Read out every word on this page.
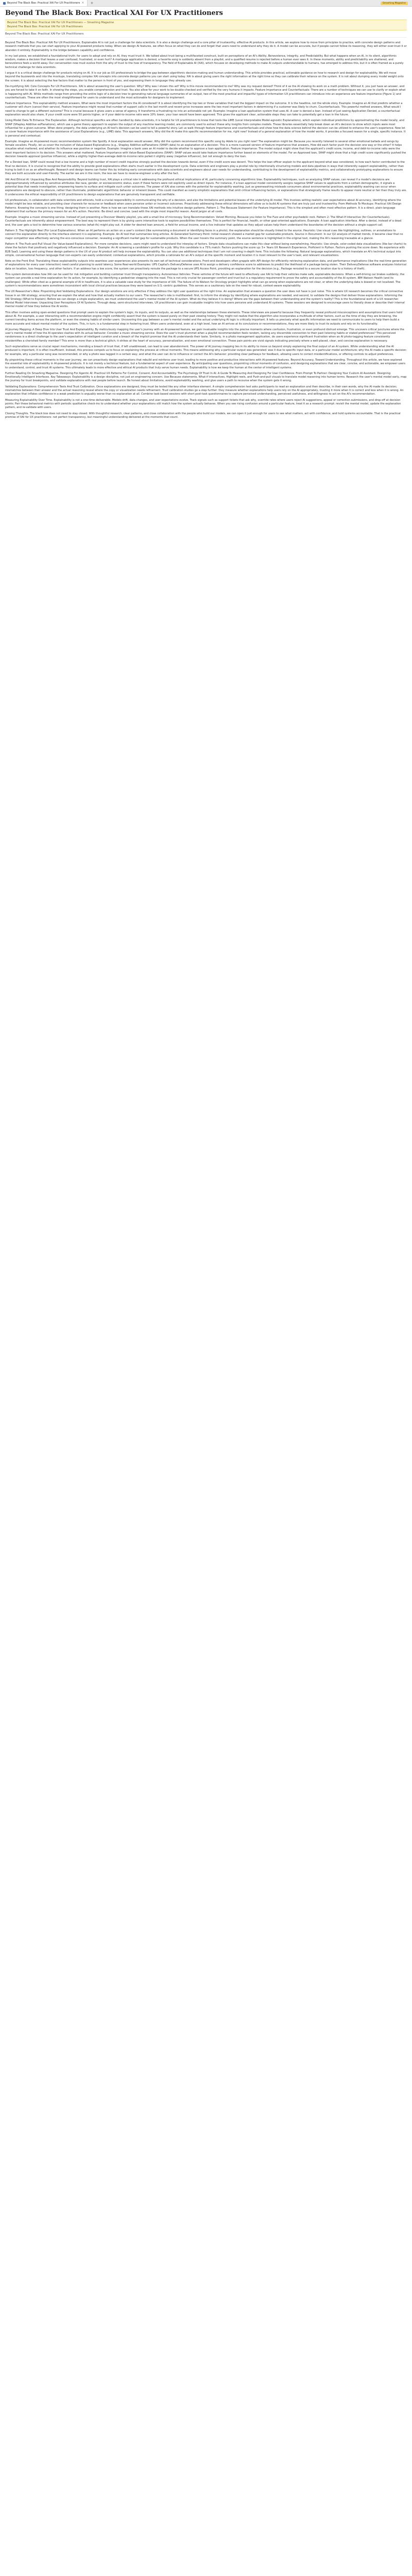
Beyond The Black Box: Practical XAI For UX Practitioners ×	+	Smashing Magazine
Beyond The Black Box: Practical XAI For UX Practitioners
Beyond The Black Box: Practical XAI For UX Practitioners — Smashing Magazine
Beyond The Black Box: Practical XAI For UX Practitioners
Beyond The Black Box: Practical XAI For UX Practitioners

Beyond The Black Box: Practical XAI For UX Practitioners. Explainable AI is not just a challenge for data scientists. It is also a design challenge and a core pillar of trustworthy, effective AI products. In this article, we explore how to move from principles to practice, with concrete design patterns and research methods that you can start applying to your AI-powered products today. When we design AI features, we often focus on what they can do and forget that users need to understand why they do it. A model can be accurate, but if people cannot follow its reasoning, they will either over-trust it or abandon it entirely. Explainability is the bridge between capability and confidence.

In my last piece, we established a foundational truth: for users to adopt and rely on AI, they must trust it. We talked about trust being a multifaceted construct, built on perceptions of an AI's Ability, Benevolence, Integrity, and Predictability. But what happens when an AI, in its silent, algorithmic wisdom, makes a decision that leaves a user confused, frustrated, or even hurt? A mortgage application is denied, a favorite song is suddenly absent from a playlist, and a qualified resume is rejected before a human ever sees it. In these moments, ability and predictability are shattered, and benevolence feels a world away. Our conversation now must evolve from the why of trust to the how of transparency. The field of Explainable AI (XAI), which focuses on developing methods to make AI outputs understandable to humans, has emerged to address this, but it is often framed as a purely technical challenge for data scientists.

I argue it is a critical design challenge for products relying on AI. It is our job as UX professionals to bridge the gap between algorithmic decision-making and human understanding. This article provides practical, actionable guidance on how to research and design for explainability. We will move beyond the buzzwords and into the mockups, translating complex XAI concepts into concrete design patterns you can start using today. XAI is about giving users the right information at the right time so they can calibrate their reliance on the system. It is not about dumping every model weight onto the screen; it is about selecting the few factors that matter to the person in front of you, and expressing them in language they already use.

De-mystifying XAI: Core Concepts For UX Practitioners. XAI is about answering the user's question: Why? Why was I shown this ad? Why is this movie recommended to me? Why was my request denied? Think of it as the AI showing its work on a math problem. Without it, you just have an answer, and you are forced to take it on faith. In showing the steps, you enable comprehension and trust. You also allow for your work to be double-checked and verified by the very humans it impacts. Feature Importance and Counterfactuals: There are a number of techniques we can use to clarify or explain what is happening with AI. While methods range from providing the entire logic of a decision tree to generating natural language summaries of an output, two of the most practical and impactful types of information UX practitioners can introduce into an experience are feature importance (Figure 1) and counterfactuals. These are often the most straightforward for users to understand and the most actionable for designers to implement.

Feature Importance. This explainability method answers, What were the most important factors the AI considered? It is about identifying the top two or three variables that had the biggest impact on the outcome. It is the headline, not the whole story. Example: Imagine an AI that predicts whether a customer will churn (cancel their service). Feature importance might reveal that number of support calls in the last month and recent price increases were the two most important factors in determining if a customer was likely to churn. Counterfactuals. This powerful method answers, What would I need to change to get a different outcome? This is crucial because it gives users a sense of agency. It transforms a frustrating no into an actionable not yet. Example: Imagine a loan application system that uses AI. A user is denied a loan. Instead of just seeing Application Denied, a counterfactual explanation would also share, If your credit score were 50 points higher, or if your debt-to-income ratio were 10% lower, your loan would have been approved. This gives the applicant clear, actionable steps they can take to potentially get a loan in the future.

Using Model Data To Enhance The Explanation. Although technical specifics are often handled by data scientists, it is helpful for UX practitioners to know that tools like LIME (Local Interpretable Model-agnostic Explanations), which explain individual predictions by approximating the model locally, and SHAP (SHapley Additive exPlanations), which use a game theory approach to explain the output of any machine learning model, are commonly used to extract these why insights from complex models. These libraries essentially help break down an AI's decision to show which inputs were most influential for a given outcome. When done properly, the data underlying an AI tool's decision can be used to tell a powerful story. Let us walk through feature importance and counterfactuals and show how the data science behind the decision can be utilized to enhance the user's experience. Now let us cover feature importance with the assistance of Local Explanations (e.g., LIME) data: This approach answers, Why did the AI make this specific recommendation for me, right now? Instead of a general explanation of how the model works, it provides a focused reason for a single, specific instance. It is personal and contextual.

Example: Imagine an AI-powered music recommendation system like Spotify. A local explanation would answer, Why did the system recommend this specific song by Adele to you right now? The explanation might be: Because you recently listened to several other emotional ballads and songs by female vocalists. Finally, let us cover the inclusion of Value-based Explanations (e.g., Shapley Additive exPlanations (SHAP) data) to an explanation of a decision: This is a more nuanced version of feature importance that answers, How did each factor push the decision one way or the other? It helps visualize what mattered, and whether its influence was positive or negative. Example: Imagine a bank uses an AI model to decide whether to approve a loan application. Feature Importance: The model output might show that the applicant's credit score, income, and debt-to-income ratio were the most important factors in its decision. This answers what mattered. Feature Importance with Value-Based Explanations (SHAP): SHAP values would take feature importance further based on elements of the model. For an Approved loan, SHAP might show that a high credit score significantly pushed the decision towards approval (positive influence), while a slightly higher-than-average debt-to-income ratio pulled it slightly away (negative influence), but not enough to deny the loan.

For a Denied loan, SHAP could reveal that a low income and a high number of recent credit inquiries strongly pushed the decision towards denial, even if the credit score was decent. This helps the loan officer explain to the applicant beyond what was considered, to how each factor contributed to the final no decision. It is crucial to recognize that the ability to provide good explanations often starts much earlier in the development cycle. Data scientists and engineers play a pivotal role by intentionally structuring models and data pipelines in ways that inherently support explainability, rather than trying to bolt it on as an afterthought. Research and design teams can foster this by initiating early conversations with data scientists and engineers about user needs for understanding, contributing to the development of explainability metrics, and collaboratively prototyping explanations to ensure they are both accurate and user-friendly. The earlier we are in the room, the less we have to reverse-engineer a why after the fact.

XAI And Ethical AI: Unpacking Bias And Responsibility. Beyond building trust, XAI plays a critical role in addressing the profound ethical implications of AI, particularly concerning algorithmic bias. Explainability techniques, such as analyzing SHAP values, can reveal if a model's decisions are disproportionately influenced by sensitive attributes like race, gender, or socioeconomic status, even if these factors were not explicitly used as direct inputs. For instance, if a loan approval model consistently assigns negative SHAP values to applicants from a certain demographic, it signals a potential bias that needs investigation, empowering teams to surface and mitigate such unfair outcomes. The power of XAI also comes with the potential for explainability washing. Just as greenwashing misleads consumers about environmental practices, explainability washing can occur when explanations are designed to obscure, rather than illuminate, problematic algorithmic behavior or inherent biases. This could manifest as overly simplistic explanations that omit critical influencing factors, or explanations that strategically frame results to appear more neutral or fair than they truly are. It underscores the ethical responsibility of UX practitioners to design explanations that are genuinely transparent and verifiable.

UX professionals, in collaboration with data scientists and ethicists, hold a crucial responsibility in communicating the why of a decision, and also the limitations and potential biases of the underlying AI model. This involves setting realistic user expectations about AI accuracy, identifying where the model might be less reliable, and providing clear channels for recourse or feedback when users perceive unfair or incorrect outcomes. Proactively addressing these ethical dimensions will allow us to build AI systems that are truly just and trustworthy. From Methods To Mockups: Practical XAI Design Patterns. Knowing the concepts is one thing; designing them is another. Here is how we can translate these XAI methods into intuitive design patterns. Pattern 1: The Because Statement (for Feature Importance). This is the simplest and often most effective pattern. It is a direct, plain-language statement that surfaces the primary reason for an AI's action. Heuristic: Be direct and concise. Lead with the single most impactful reason. Avoid jargon at all costs.

Example: Imagine a music streaming service. Instead of just presenting a Discover Weekly playlist, you add a small line of microcopy. Song Recommendation: Velvet Morning. Because you listen to The Fuzz and other psychedelic rock. Pattern 2: The What-If Interactive (for Counterfactuals). Counterfactuals are inherently about empowerment. The best way to represent them is by giving users interactive tools to explore possibilities themselves. This is perfect for financial, health, or other goal-oriented applications. Example: A loan application interface. After a denial, instead of a dead end, the user gets a tool to determine how various scenarios (what-ifs) might play out. A slider for desired loan amount, a field for annual income, and a live indicator that updates as they adjust values help them understand the boundaries of the decision without a single support call.

Pattern 3: The Highlight Reel (For Local Explanations). When an AI performs an action on a user's content (like summarizing a document or identifying faces in a photo), the explanation should be visually linked to the source. Heuristic: Use visual cues like highlighting, outlines, or annotations to connect the explanation directly to the interface element it is explaining. Example: An AI tool that summarizes long articles. AI-Generated Summary Point: Initial research showed a market gap for sustainable products. Source in Document: In our Q2 analysis of market trends, it became clear that no major competitor was effectively serving the eco-conscious consumer, revealing a significant market gap for sustainable products. When the user hovers the summary point, the source sentence is highlighted in the original text, making the AI's reasoning traceable at a glance.

Pattern 4: The Push-and-Pull Visual (for Value-based Explanations). For more complex decisions, users might need to understand the interplay of factors. Simple data visualizations can make this clear without being overwhelming. Heuristic: Use simple, color-coded data visualizations (like bar charts) to show the factors that positively and negatively influenced a decision. Example: An AI screening a candidate's profile for a job. Why this candidate is a 75% match: Factors pushing the score up: 5+ Years UX Research Experience, Proficient in Python. Factors pushing the score down: No experience with B2B SaaS. Learning and using these design patterns in the UX of your AI product will help increase the explainability. You can also use additional techniques that I am not covering in-depth here. This includes the following: Natural language explanations, which translate an AI's technical output into simple, conversational human language that non-experts can easily understand; contextual explanations, which provide a rationale for an AI's output at the specific moment and location it is most relevant to the user's task; and relevant visualizations.

Note on the Front End: Translating these explainability outputs into seamless user experiences also presents its own set of technical considerations. Front-end developers often grapple with API design for efficiently retrieving explanation data, and performance implications (like the real-time generation of explanations for every user interaction) need careful planning to avoid latency. Some Real-world Examples: UPS Capital's DeliveryDefense uses AI to assign a delivery confidence score to addresses to predict the likelihood of a package being stolen. Their DeliveryDefense software analyzes historical data on location, loss frequency, and other factors. If an address has a low score, the system can proactively reroute the package to a secure UPS Access Point, providing an explanation for the decision (e.g., Package rerouted to a secure location due to a history of theft).

This system demonstrates how XAI can be used for risk mitigation and building customer trust through transparency. Autonomous Vehicles: These vehicles of the future will need to effectively use XAI to help their vehicles make safe, explainable decisions. When a self-driving car brakes suddenly, the system can provide a real-time explanation for its action, for example, by identifying a pedestrian stepping into the road. This is not only crucial for passenger comfort and trust but is a regulatory requirement to prove the safety and accountability of the AI system. IBM Watson Health (and its challenges): While often cited as a general example of AI in healthcare, it is also a valuable case study for the importance of XAI. The failure of its Watson for Oncology project highlights what can go wrong when explanations are not clear, or when the underlying data is biased or not localized. The system's recommendations were sometimes inconsistent with local clinical practices because they were based on U.S.-centric guidelines. This serves as a cautionary tale on the need for robust, context-aware explainability.

The UX Researcher's Role: Pinpointing And Validating Explanations. Our design solutions are only effective if they address the right user questions at the right time. An explanation that answers a question the user does not have is just noise. This is where UX research becomes the critical connective tissue in an XAI strategy, ensuring that we explain the what and how that actually matters to our users. The researcher's role is multifaceted: first, to inform the strategy by identifying where explanations are needed, and second, to validate the designs that deliver those explanations. Informing the XAI Strategy (What to Explain): Before we can design a single explanation, we must understand the user's mental model of the AI system. What do they believe it is doing? Where are the gaps between their understanding and the system's reality? This is the foundational work of a UX researcher. Mental Model Interviews: Unpacking User Perceptions Of AI Systems. Through deep, semi-structured interviews, UX practitioners can gain invaluable insights into how users perceive and understand AI systems. These sessions are designed to encourage users to literally draw or describe their internal mental model of how they believe the AI works.

This often involves asking open-ended questions that prompt users to explain the system's logic, its inputs, and its outputs, as well as the relationships between these elements. These interviews are powerful because they frequently reveal profound misconceptions and assumptions that users hold about AI. For example, a user interacting with a recommendation engine might confidently assert that the system is based purely on their past viewing history. They might not realize that the algorithm also incorporates a multitude of other factors, such as the time of day they are browsing, the current trending items across the platform, or even the viewing habits of similar users. Uncovering this gap between a user's mental model and the actual underlying AI logic is critically important. It tells us precisely what specific information we need to communicate to users to help them build a more accurate and robust mental model of the system. This, in turn, is a fundamental step in fostering trust. When users understand, even at a high level, how an AI arrives at its conclusions or recommendations, they are more likely to trust its outputs and rely on its functionality.

AI Journey Mapping: A Deep Dive Into User Trust And Explainability. By meticulously mapping the user's journey with an AI-powered feature, we gain invaluable insights into the precise moments where confusion, frustration, or even profound distrust emerge. This uncovers critical junctures where the user's mental model of how the AI operates clashes with its actual behavior. Consider a music streaming service: Does the user's trust plummet when a playlist recommendation feels random, lacking any discernible connection to their past listening habits or stated preferences? This perceived randomness is a direct challenge to the user's expectation of intelligent curation and a breach of the implicit promise that the AI understands their taste. Similarly, in a photo management application, do users experience significant frustration when an AI photo-tagging feature consistently misidentifies a cherished family member? This error is more than a technical glitch; it strikes at the heart of accuracy, personalization, and even emotional connection. These pain points are vivid signals indicating precisely where a well-placed, clear, and concise explanation is necessary.

Such explanations serve as crucial repair mechanisms, mending a breach of trust that, if left unaddressed, can lead to user abandonment. The power of AI journey mapping lies in its ability to move us beyond simply explaining the final output of an AI system. While understanding what the AI produced is important, it is often insufficient. Instead, this process compels us to focus on explaining the process at critical moments. This means addressing why a particular output was generated: was it due to specific input data, or a particular model architecture; why the AI made a specific decision: for example, why a particular song was recommended, or why a photo was tagged in a certain way; and what the user can do to influence or correct the AI's behavior: providing clear pathways for feedback, allowing users to correct misidentifications, or offering controls to adjust preferences.

By pinpointing these critical moments in the user journey, we can proactively design explanations that rebuild and reinforce user trust, leading to more positive and productive interactions with AI-powered features. Beyond Accuracy, Toward Understanding. Throughout this article, we have explored the essential role of explainability in AI-powered products. It is not merely a technical feature, but a fundamental aspect of user experience. By anticipating user questions, pinpointing critical moments of confusion, and designing explanations that are clear, concise, and actionable, we empower users to understand, control, and trust AI systems. This ultimately leads to more effective and ethical AI products that truly serve human needs. Explainability is how we keep the human at the center of intelligent systems.

Further Reading On Smashing Magazine. Designing For Agentic AI: Practical UX Patterns For Control, Consent, And Accountability. The Psychology Of Trust In AI: A Guide To Measuring And Designing For User Confidence. From Prompt To Partner: Designing Your Custom AI Assistant. Designing Emotionally Intelligent Interfaces. Key Takeaways: Explainability is a design discipline, not just an engineering concern. Use Because statements, What-if interactives, Highlight reels, and Push-and-pull visuals to translate model reasoning into human terms. Research the user's mental model early, map the journey for trust breakpoints, and validate explanations with real people before launch. Be honest about limitations, avoid explainability washing, and give users a path to recourse when the system gets it wrong.

Validating Explanations: Comprehension Tests And Trust Calibration. Once explanations are designed, they must be tested like any other interface element. A simple comprehension test asks participants to read an explanation and then describe, in their own words, why the AI made its decision; mismatches between their answer and the actual reasoning reveal where the copy or visualization needs refinement. Trust calibration studies go a step further: they measure whether explanations help users rely on the AI appropriately, trusting it more when it is correct and less when it is wrong. An explanation that inflates confidence in a weak prediction is arguably worse than no explanation at all. Combine task-based sessions with short post-task questionnaires to capture perceived understanding, perceived usefulness, and willingness to act on the AI's recommendation.

Measuring Explainability Over Time. Explainability is not a one-time deliverable. Models drift, data changes, and user expectations evolve. Track signals such as support tickets that ask why, override rates where users reject AI suggestions, appeal or correction submissions, and drop-off at decision points. Pair these behavioral metrics with periodic qualitative check-ins to understand whether your explanations still match how the system actually behaves. When you see rising confusion around a particular feature, treat it as a research prompt: revisit the mental model, update the explanation pattern, and re-validate with users.

Closing Thoughts. The black box does not need to stay closed. With thoughtful research, clear patterns, and close collaboration with the people who build our models, we can open it just enough for users to see what matters, act with confidence, and hold systems accountable. That is the practical promise of XAI for UX practitioners: not perfect transparency, but meaningful understanding delivered at the moments that count.
